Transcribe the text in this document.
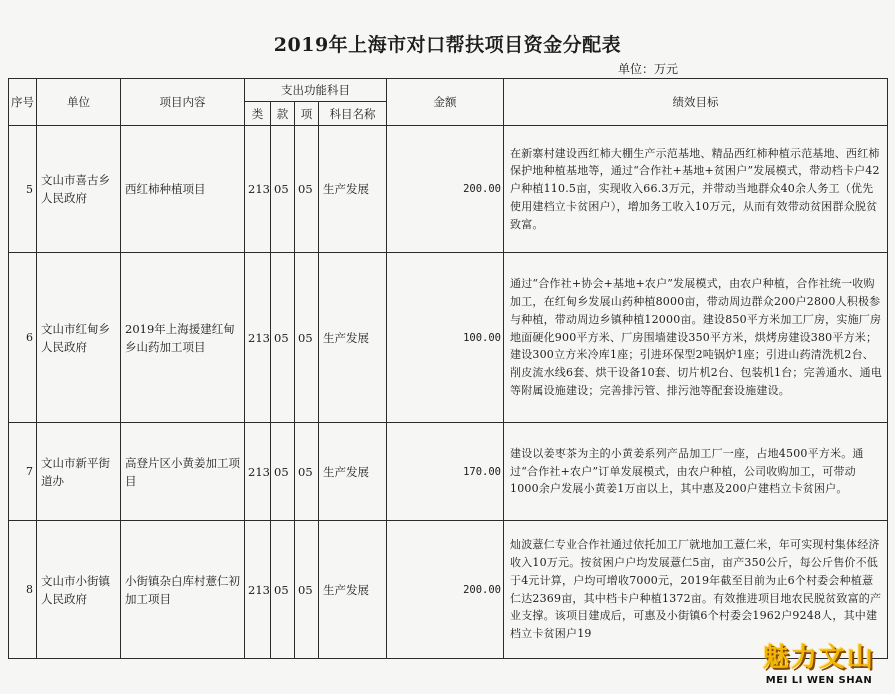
2019年上海市对口帮扶项目资金分配表
单位：万元
序号	单位	项目内容	支出功能科目				金额	绩效目标
			类	款	项	科目名称		
5	文山市喜古乡人民政府	西红柿种植项目	213	05	05	生产发展	200.00	在新寨村建设西红柿大棚生产示范基地、精品西红柿种植示范基地、西红柿保护地种植基地等，通过“合作社+基地+贫困户”发展模式，带动档卡户42户种植110.5亩，实现收入66.3万元，并带动当地群众40余人务工（优先使用建档立卡贫困户），增加务工收入10万元，从而有效带动贫困群众脱贫致富。
6	文山市红甸乡人民政府	2019年上海援建红甸乡山药加工项目	213	05	05	生产发展	100.00	通过“合作社+协会+基地+农户”发展模式，由农户种植，合作社统一收购加工，在红甸乡发展山药种植8000亩，带动周边群众200户2800人积极参与种植，带动周边乡镇种植12000亩。建设850平方米加工厂房，实施厂房地面硬化900平方米、厂房围墙建设350平方米，烘烤房建设380平方米；建设300立方米冷库1座；引进环保型2吨锅炉1座；引进山药清洗机2台、削皮流水线6套、烘干设备10套、切片机2台、包装机1台；完善通水、通电等附属设施建设；完善排污管、排污池等配套设施建设。
7	文山市新平街道办	高登片区小黄姜加工项目	213	05	05	生产发展	170.00	建设以姜枣茶为主的小黄姜系列产品加工厂一座，占地4500平方米。通过“合作社+农户”订单发展模式，由农户种植，公司收购加工，可带动1000余户发展小黄姜1万亩以上，其中惠及200户建档立卡贫困户。
8	文山市小街镇人民政府	小街镇杂白库村薏仁初加工项目	213	05	05	生产发展	200.00	灿波薏仁专业合作社通过依托加工厂就地加工薏仁米，年可实现村集体经济收入10万元。按贫困户户均发展薏仁5亩，亩产350公斤，每公斤售价不低于4元计算，户均可增收7000元，2019年截至目前为止6个村委会种植薏仁达2369亩，其中档卡户种植1372亩。有效推进项目地农民脱贫致富的产业支撑。该项目建成后，可惠及小街镇6个村委会1962户9248人，其中建档立卡贫困户19
魅力文山
MEI LI WEN SHAN
